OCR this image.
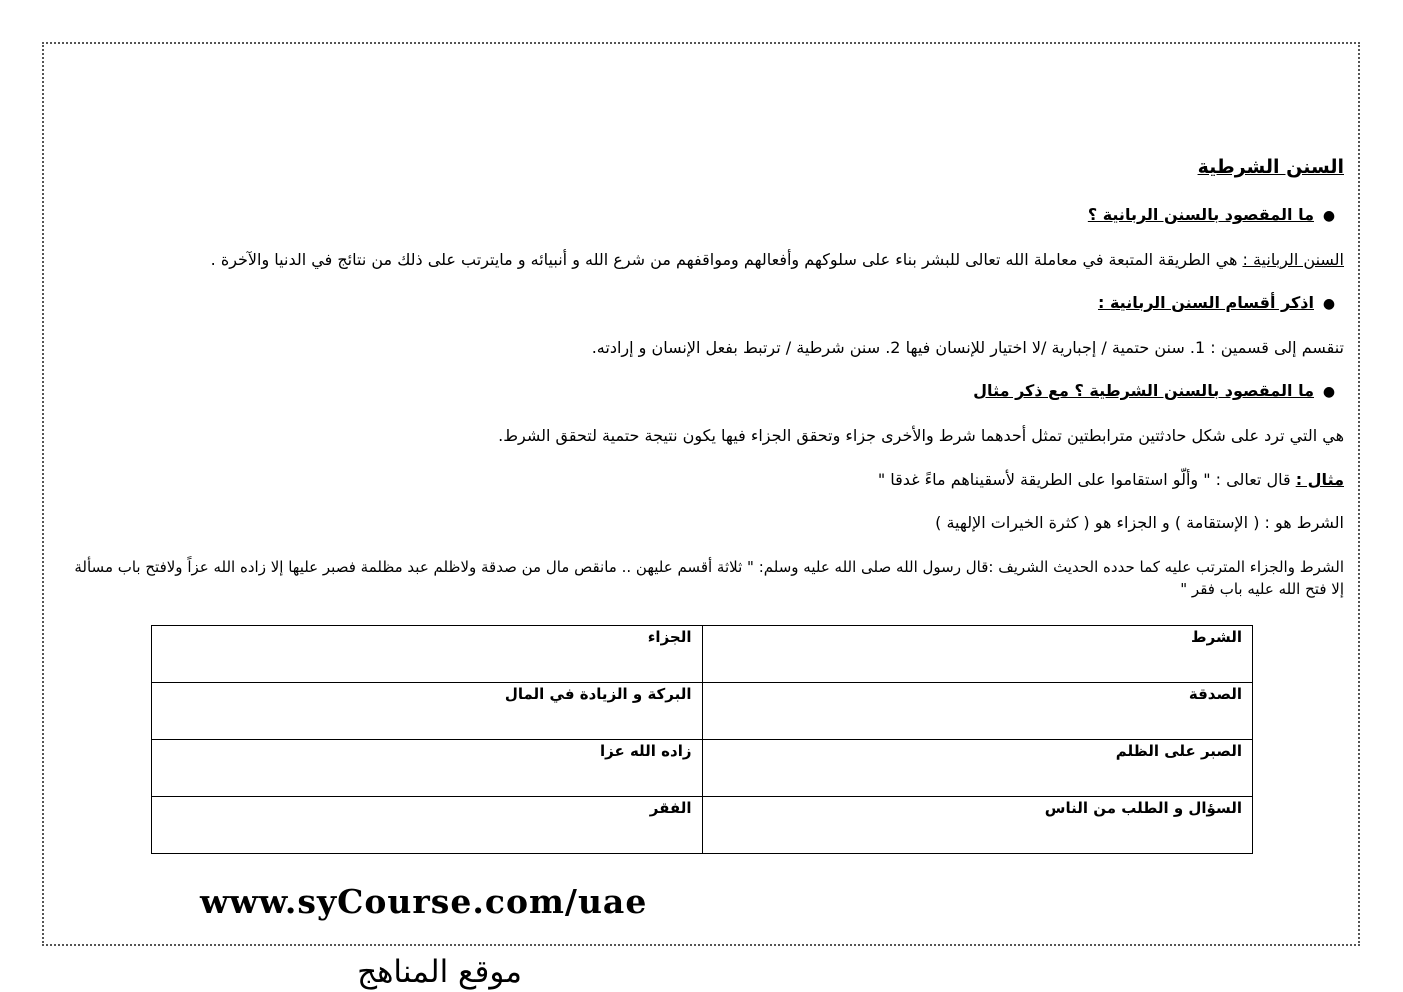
السنن الشرطية
●ما المقصود بالسنن الربانية ؟
السنن الربانية : هي الطريقة المتبعة في معاملة الله تعالى للبشر بناء على سلوكهم وأفعالهم ومواقفهم من شرع الله و أنبيائه و مايترتب على ذلك من نتائج في الدنيا والآخرة .
●اذكر أقسام السنن الربانية :
تنقسم إلى قسمين : 1. سنن حتمية / إجبارية /لا اختيار للإنسان فيها 2. سنن شرطية / ترتبط بفعل الإنسان و إرادته.
●ما المقصود بالسنن الشرطية ؟ مع ذكر مثال
هي التي ترد على شكل حادثتين مترابطتين تمثل أحدهما شرط والأخرى جزاء وتحقق الجزاء فيها يكون نتيجة حتمية لتحقق الشرط.
مثال : قال تعالى : " وألّو استقاموا على الطريقة لأسقيناهم ماءً غدقا "
الشرط هو : ( الإستقامة ) و الجزاء هو ( كثرة الخيرات الإلهية )
الشرط والجزاء المترتب عليه كما حدده الحديث الشريف :قال رسول الله صلى الله عليه وسلم: " ثلاثة أقسم عليهن .. مانقص مال من صدقة ولاظلم عبد مظلمة فصبر عليها إلا زاده الله عزاً ولافتح باب مسألة إلا فتح الله عليه باب فقر "
الشرط	الجزاء
الصدقة	البركة و الزيادة في المال
الصبر على الظلم	زاده الله عزا
السؤال و الطلب من الناس	الفقر
www.syCourse.com/uae
موقع المناهج
